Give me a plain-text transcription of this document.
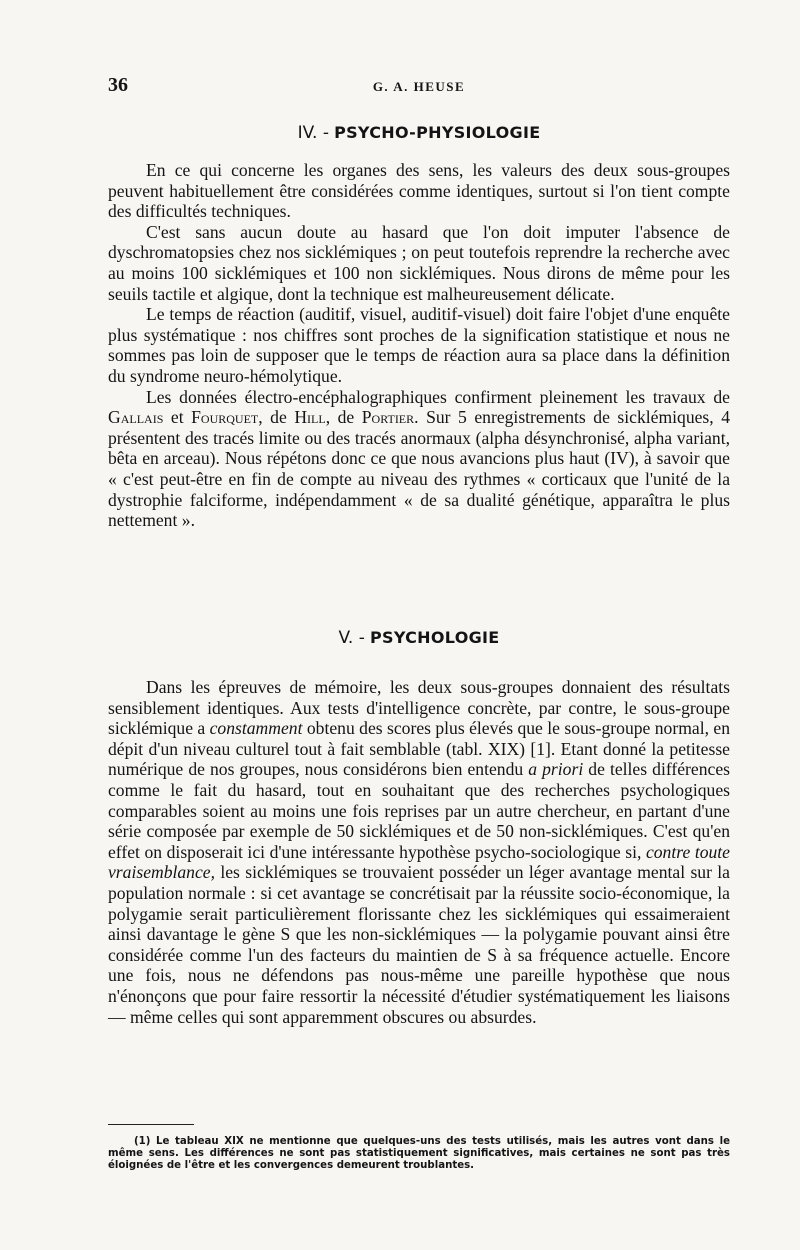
36	G. A. HEUSE
IV. - PSYCHO-PHYSIOLOGIE

En ce qui concerne les organes des sens, les valeurs des deux sous-groupes peuvent habituellement être considérées comme identiques, surtout si l'on tient compte des difficultés techniques.

C'est sans aucun doute au hasard que l'on doit imputer l'absence de dyschromatopsies chez nos sicklémiques ; on peut toutefois reprendre la recherche avec au moins 100 sicklémiques et 100 non sicklémiques. Nous dirons de même pour les seuils tactile et algique, dont la technique est malheureusement délicate.

Le temps de réaction (auditif, visuel, auditif-visuel) doit faire l'objet d'une enquête plus systématique : nos chiffres sont proches de la signification statistique et nous ne sommes pas loin de supposer que le temps de réaction aura sa place dans la définition du syndrome neuro-hémolytique.

Les données électro-encéphalographiques confirment pleinement les travaux de Gallais et Fourquet, de Hill, de Portier. Sur 5 enregistrements de sicklémiques, 4 présentent des tracés limite ou des tracés anormaux (alpha désynchronisé, alpha variant, bêta en arceau). Nous répétons donc ce que nous avancions plus haut (IV), à savoir que « c'est peut-être en fin de compte au niveau des rythmes « corticaux que l'unité de la dystrophie falciforme, indépendamment « de sa dualité génétique, apparaîtra le plus nettement ».

V. - PSYCHOLOGIE

Dans les épreuves de mémoire, les deux sous-groupes donnaient des résultats sensiblement identiques. Aux tests d'intelligence concrète, par contre, le sous-groupe sicklémique a constamment obtenu des scores plus élevés que le sous-groupe normal, en dépit d'un niveau culturel tout à fait semblable (tabl. XIX) [1]. Etant donné la petitesse numérique de nos groupes, nous considérons bien entendu a priori de telles différences comme le fait du hasard, tout en souhaitant que des recherches psychologiques comparables soient au moins une fois reprises par un autre chercheur, en partant d'une série composée par exemple de 50 sicklémiques et de 50 non-sicklémiques. C'est qu'en effet on disposerait ici d'une intéressante hypothèse psycho-sociologique si, contre toute vraisemblance, les sicklémiques se trouvaient posséder un léger avantage mental sur la population normale : si cet avantage se concrétisait par la réussite socio-économique, la polygamie serait particulièrement florissante chez les sicklémiques qui essaimeraient ainsi davantage le gène S que les non-sicklémiques — la polygamie pouvant ainsi être considérée comme l'un des facteurs du maintien de S à sa fréquence actuelle. Encore une fois, nous ne défendons pas nous-même une pareille hypothèse que nous n'énonçons que pour faire ressortir la nécessité d'étudier systématiquement les liaisons — même celles qui sont apparemment obscures ou absurdes.

(1) Le tableau XIX ne mentionne que quelques-uns des tests utilisés, mais les autres vont dans le même sens. Les différences ne sont pas statistiquement significatives, mais certaines ne sont pas très éloignées de l'être et les convergences demeurent troublantes.
